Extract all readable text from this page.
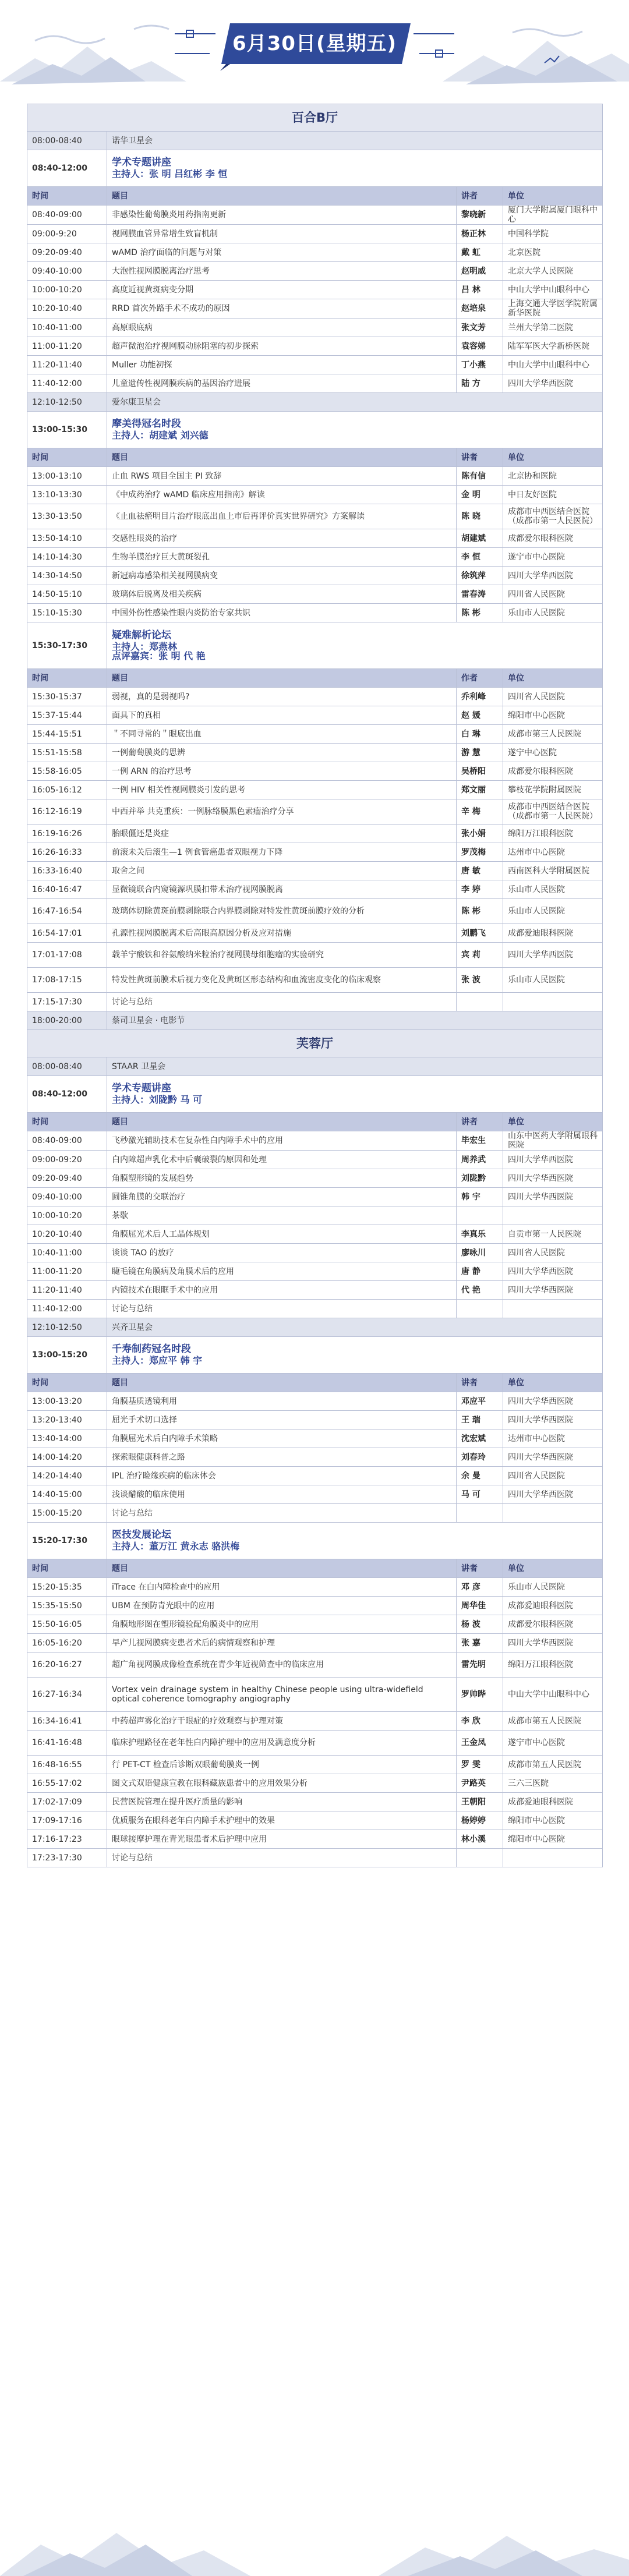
6月30日(星期五)
百合B厅			
08:00-08:40	诺华卫星会		
08:40-12:00	学术专题讲座
主持人：张 明 吕红彬 李 恒		

时间	题目	讲者	单位
08:40-09:00	非感染性葡萄膜炎用药指南更新	黎晓新	厦门大学附属厦门眼科中心
09:00-9:20	视网膜血管异常增生致盲机制	杨正林	中国科学院
09:20-09:40	wAMD 治疗面临的问题与对策	戴 虹	北京医院
09:40-10:00	大泡性视网膜脱离治疗思考	赵明威	北京大学人民医院
10:00-10:20	高度近视黄斑病变分期	吕 林	中山大学中山眼科中心
10:20-10:40	RRD 首次外路手术不成功的原因	赵培泉	上海交通大学医学院附属新华医院
10:40-11:00	高原眼底病	张文芳	兰州大学第二医院
11:00-11:20	超声微泡治疗视网膜动脉阻塞的初步探索	袁容娣	陆军军医大学新桥医院
11:20-11:40	Muller 功能初探	丁小燕	中山大学中山眼科中心
11:40-12:00	儿童遗传性视网膜疾病的基因治疗进展	陆 方	四川大学华西医院
12:10-12:50	爱尔康卫星会		
13:00-15:30	摩美得冠名时段
主持人：胡建斌 刘兴德		

时间	题目	讲者	单位
13:00-13:10	止血 RWS 项目全国主 PI 致辞	陈有信	北京协和医院
13:10-13:30	《中成药治疗 wAMD 临床应用指南》解读	金 明	中日友好医院
13:30-13:50	《止血祛瘀明目片治疗眼底出血上市后再评价真实世界研究》方案解读	陈 晓	成都市中西医结合医院（成都市第一人民医院）
13:50-14:10	交感性眼炎的治疗	胡建斌	成都爱尔眼科医院
14:10-14:30	生物羊膜治疗巨大黄斑裂孔	李 恒	遂宁市中心医院
14:30-14:50	新冠病毒感染相关视网膜病变	徐筑萍	四川大学华西医院
14:50-15:10	玻璃体后脱离及相关疾病	雷春涛	四川省人民医院
15:10-15:30	中国外伤性感染性眼内炎防治专家共识	陈 彬	乐山市人民医院
15:30-17:30	疑难解析论坛
主持人：郑燕林
点评嘉宾：张 明 代 艳		

时间	题目	作者	单位
15:30-15:37	弱视，真的是弱视吗?	乔利峰	四川省人民医院
15:37-15:44	面具下的真相	赵 媛	绵阳市中心医院
15:44-15:51	＂不同寻常的＂眼底出血	白 琳	成都市第三人民医院
15:51-15:58	一例葡萄膜炎的思辨	游 慧	遂宁中心医院
15:58-16:05	一例 ARN 的治疗思考	吴桥阳	成都爱尔眼科医院
16:05-16:12	一例 HIV 相关性视网膜炎引发的思考	郑文丽	攀枝花学院附属医院
16:12-16:19	中西并举 共克重疾：一例脉络膜黑色素瘤治疗分享	辛 梅	成都市中西医结合医院（成都市第一人民医院）
16:19-16:26	胎眼僵还是炎症	张小娟	绵阳万江眼科医院
16:26-16:33	前滚未关后滚生—1 例食管癌患者双眼视力下降	罗茂梅	达州市中心医院
16:33-16:40	取舍之间	唐 敏	西南医科大学附属医院
16:40-16:47	显微镜联合内窥镜源巩膜扣带术治疗视网膜脱离	李 婷	乐山市人民医院
16:47-16:54	玻璃体切除黄斑前膜剥除联合内界膜剥除对特发性黄斑前膜疗效的分析	陈 彬	乐山市人民医院
16:54-17:01	孔源性视网膜脱离术后高眼高原因分析及应对措施	刘鹏飞	成都爱迪眼科医院
17:01-17:08	载羊宁酸铁和谷氨酸纳米粒治疗视网膜母细胞瘤的实验研究	宾 莉	四川大学华西医院
17:08-17:15	特发性黄斑前膜术后视力变化及黄斑区形态结构和血流密度变化的临床观察	张 波	乐山市人民医院
17:15-17:30	讨论与总结		
18:00-20:00	蔡司卫星会 · 电影节		
芙蓉厅			
08:00-08:40	STAAR 卫星会		
08:40-12:00	学术专题讲座
主持人：刘陇黔 马 可		

时间	题目	讲者	单位
08:40-09:00	飞秒激光辅助技术在复杂性白内障手术中的应用	毕宏生	山东中医药大学附属眼科医院
09:00-09:20	白内障超声乳化术中后囊破裂的原因和处理	周养武	四川大学华西医院
09:20-09:40	角膜塑形镜的发展趋势	刘陇黔	四川大学华西医院
09:40-10:00	圆锥角膜的交联治疗	韩 宇	四川大学华西医院
10:00-10:20	茶歇		
10:20-10:40	角膜屈光术后人工晶体规划	李真乐	自贡市第一人民医院
10:40-11:00	谈谈 TAO 的放疗	廖咏川	四川省人民医院
11:00-11:20	睫毛镜在角膜病及角膜术后的应用	唐 静	四川大学华西医院
11:20-11:40	内镜技术在眼眶手术中的应用	代 艳	四川大学华西医院
11:40-12:00	讨论与总结		
12:10-12:50	兴齐卫星会		
13:00-15:20	千寿制药冠名时段
主持人：郑应平 韩 宇		

时间	题目	讲者	单位
13:00-13:20	角膜基质透镜利用	邓应平	四川大学华西医院
13:20-13:40	屈光手术切口选择	王 瑞	四川大学华西医院
13:40-14:00	角膜屈光术后白内障手术策略	沈宏斌	达州市中心医院
14:00-14:20	探索眼健康科普之路	刘春玲	四川大学华西医院
14:20-14:40	IPL 治疗睑缘疾病的临床体会	余 曼	四川省人民医院
14:40-15:00	浅谈醋酸的临床使用	马 可	四川大学华西医院
15:00-15:20	讨论与总结		
15:20-17:30	医技发展论坛
主持人：董万江 黄永志 骆洪梅		

时间	题目	讲者	单位
15:20-15:35	iTrace 在白内障检查中的应用	邓 彦	乐山市人民医院
15:35-15:50	UBM 在预防青光眼中的应用	周华佳	成都爱迪眼科医院
15:50-16:05	角膜地形图在塑形镜验配角膜炎中的应用	杨 波	成都爱尔眼科医院
16:05-16:20	早产儿视网膜病变患者术后的病情观察和护理	张 嘉	四川大学华西医院
16:20-16:27	超广角视网膜成像检查系统在青少年近视筛查中的临床应用	雷先明	绵阳万江眼科医院
16:27-16:34	Vortex vein drainage system in healthy Chinese people using ultra-widefield optical coherence tomography angiography	罗帅晔	中山大学中山眼科中心
16:34-16:41	中药超声雾化治疗干眼症的疗效观察与护理对策	李 欣	成都市第五人民医院
16:41-16:48	临床护理路径在老年性白内障护理中的应用及满意度分析	王金凤	遂宁市中心医院
16:48-16:55	行 PET-CT 检查后诊断双眼葡萄膜炎一例	罗 雯	成都市第五人民医院
16:55-17:02	图文式双语健康宣教在眼科藏族患者中的应用效果分析	尹路英	三六三医院
17:02-17:09	民营医院管理在提升医疗质量的影响	王朝阳	成都爱迪眼科医院
17:09-17:16	优质服务在眼科老年白内障手术护理中的效果	杨婷婷	绵阳市中心医院
17:16-17:23	眼球接摩护理在青光眼患者术后护理中应用	林小溪	绵阳市中心医院
17:23-17:30	讨论与总结		
